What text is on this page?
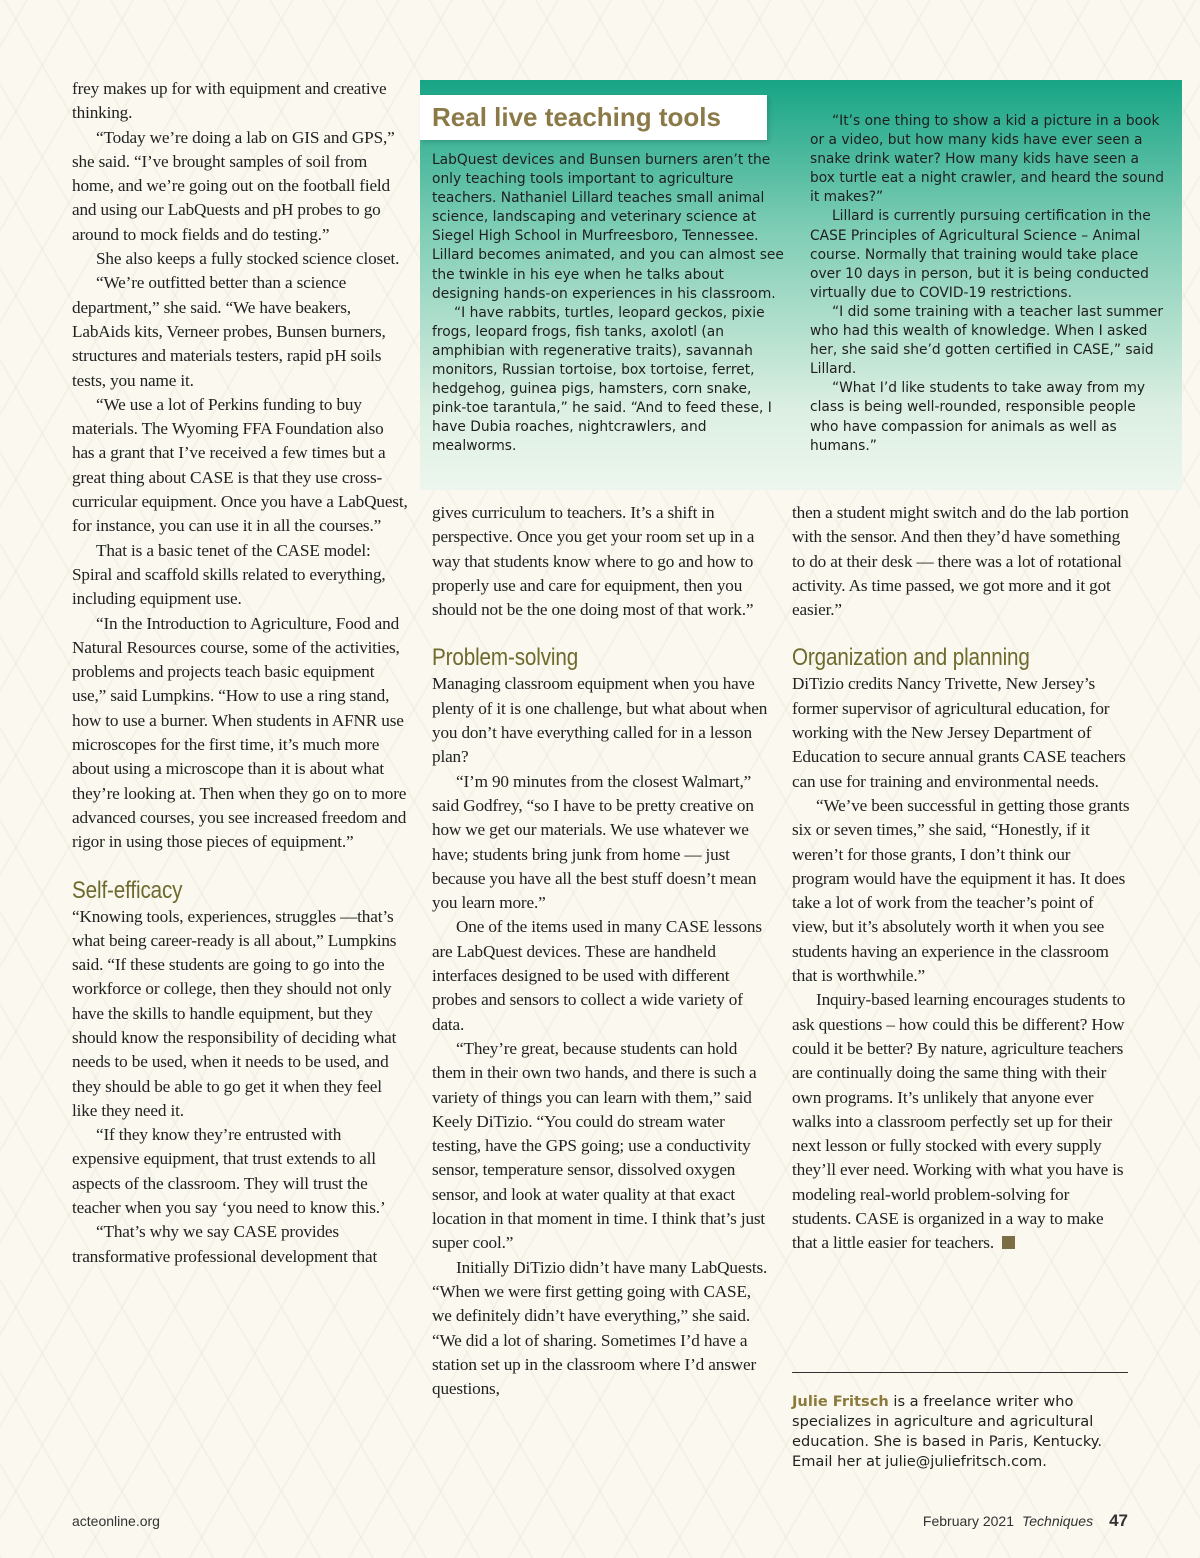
frey makes up for with equipment and creative thinking.

“Today we’re doing a lab on GIS and GPS,” she said. “I’ve brought samples of soil from home, and we’re going out on the football field and using our LabQuests and pH probes to go around to mock fields and do testing.”

She also keeps a fully stocked science closet.

“We’re outfitted better than a science department,” she said. “We have beakers, LabAids kits, Verneer probes, Bunsen burners, structures and materials testers, rapid pH soils tests, you name it.

“We use a lot of Perkins funding to buy materials. The Wyoming FFA Foundation also has a grant that I’ve received a few times but a great thing about CASE is that they use cross-curricular equipment. Once you have a LabQuest, for instance, you can use it in all the courses.”

That is a basic tenet of the CASE model: Spiral and scaffold skills related to everything, including equipment use.

“In the Introduction to Agriculture, Food and Natural Resources course, some of the activities, problems and projects teach basic equipment use,” said Lumpkins. “How to use a ring stand, how to use a burner. When students in AFNR use microscopes for the first time, it’s much more about using a microscope than it is about what they’re looking at. Then when they go on to more advanced courses, you see increased freedom and rigor in using those pieces of equipment.”

Self-efficacy

“Knowing tools, experiences, struggles —that’s what being career-ready is all about,” Lumpkins said. “If these students are going to go into the workforce or college, then they should not only have the skills to handle equipment, but they should know the responsibility of deciding what needs to be used, when it needs to be used, and they should be able to go get it when they feel like they need it.

“If they know they’re entrusted with expensive equipment, that trust extends to all aspects of the classroom. They will trust the teacher when you say ‘you need to know this.’

“That’s why we say CASE provides transformative professional development that

Real live teaching tools

LabQuest devices and Bunsen burners aren’t the only teaching tools important to agriculture teachers. Nathaniel Lillard teaches small animal science, landscaping and veterinary science at Siegel High School in Murfreesboro, Tennessee. Lillard becomes animated, and you can almost see the twinkle in his eye when he talks about designing hands-on experiences in his classroom.

“I have rabbits, turtles, leopard geckos, pixie frogs, leopard frogs, fish tanks, axolotl (an amphibian with regenerative traits), savannah monitors, Russian tortoise, box tortoise, ferret, hedgehog, guinea pigs, hamsters, corn snake, pink-toe tarantula,” he said. “And to feed these, I have Dubia roaches, nightcrawlers, and mealworms.

“It’s one thing to show a kid a picture in a book or a video, but how many kids have ever seen a snake drink water? How many kids have seen a box turtle eat a night crawler, and heard the sound it makes?”

Lillard is currently pursuing certification in the CASE Principles of Agricultural Science – Animal course. Normally that training would take place over 10 days in person, but it is being conducted virtually due to COVID-19 restrictions.

“I did some training with a teacher last summer who had this wealth of knowledge. When I asked her, she said she’d gotten certified in CASE,” said Lillard.

“What I’d like students to take away from my class is being well-rounded, responsible people who have compassion for animals as well as humans.”

gives curriculum to teachers. It’s a shift in perspective. Once you get your room set up in a way that students know where to go and how to properly use and care for equipment, then you should not be the one doing most of that work.”

Problem-solving

Managing classroom equipment when you have plenty of it is one challenge, but what about when you don’t have everything called for in a lesson plan?

“I’m 90 minutes from the closest Walmart,” said Godfrey, “so I have to be pretty creative on how we get our materials. We use whatever we have; students bring junk from home — just because you have all the best stuff doesn’t mean you learn more.”

One of the items used in many CASE lessons are LabQuest devices. These are handheld interfaces designed to be used with different probes and sensors to collect a wide variety of data.

“They’re great, because students can hold them in their own two hands, and there is such a variety of things you can learn with them,” said Keely DiTizio. “You could do stream water testing, have the GPS going; use a conductivity sensor, temperature sensor, dissolved oxygen sensor, and look at water quality at that exact location in that moment in time. I think that’s just super cool.”

Initially DiTizio didn’t have many LabQuests. “When we were first getting going with CASE, we definitely didn’t have everything,” she said. “We did a lot of sharing. Sometimes I’d have a station set up in the classroom where I’d answer questions,

then a student might switch and do the lab portion with the sensor. And then they’d have something to do at their desk — there was a lot of rotational activity. As time passed, we got more and it got easier.”

Organization and planning

DiTizio credits Nancy Trivette, New Jersey’s former supervisor of agricultural education, for working with the New Jersey Department of Education to secure annual grants CASE teachers can use for training and environmental needs.

“We’ve been successful in getting those grants six or seven times,” she said, “Honestly, if it weren’t for those grants, I don’t think our program would have the equipment it has. It does take a lot of work from the teacher’s point of view, but it’s absolutely worth it when you see students having an experience in the classroom that is worthwhile.”

Inquiry-based learning encourages students to ask questions – how could this be different? How could it be better? By nature, agriculture teachers are continually doing the same thing with their own programs. It’s unlikely that anyone ever walks into a classroom perfectly set up for their next lesson or fully stocked with every supply they’ll ever need. Working with what you have is modeling real-world problem-solving for students. CASE is organized in a way to make that a little easier for teachers.

Julie Fritsch is a freelance writer who specializes in agriculture and agricultural education. She is based in Paris, Kentucky. Email her at julie@juliefritsch.com.
acteonline.org	February 2021 Techniques 47
